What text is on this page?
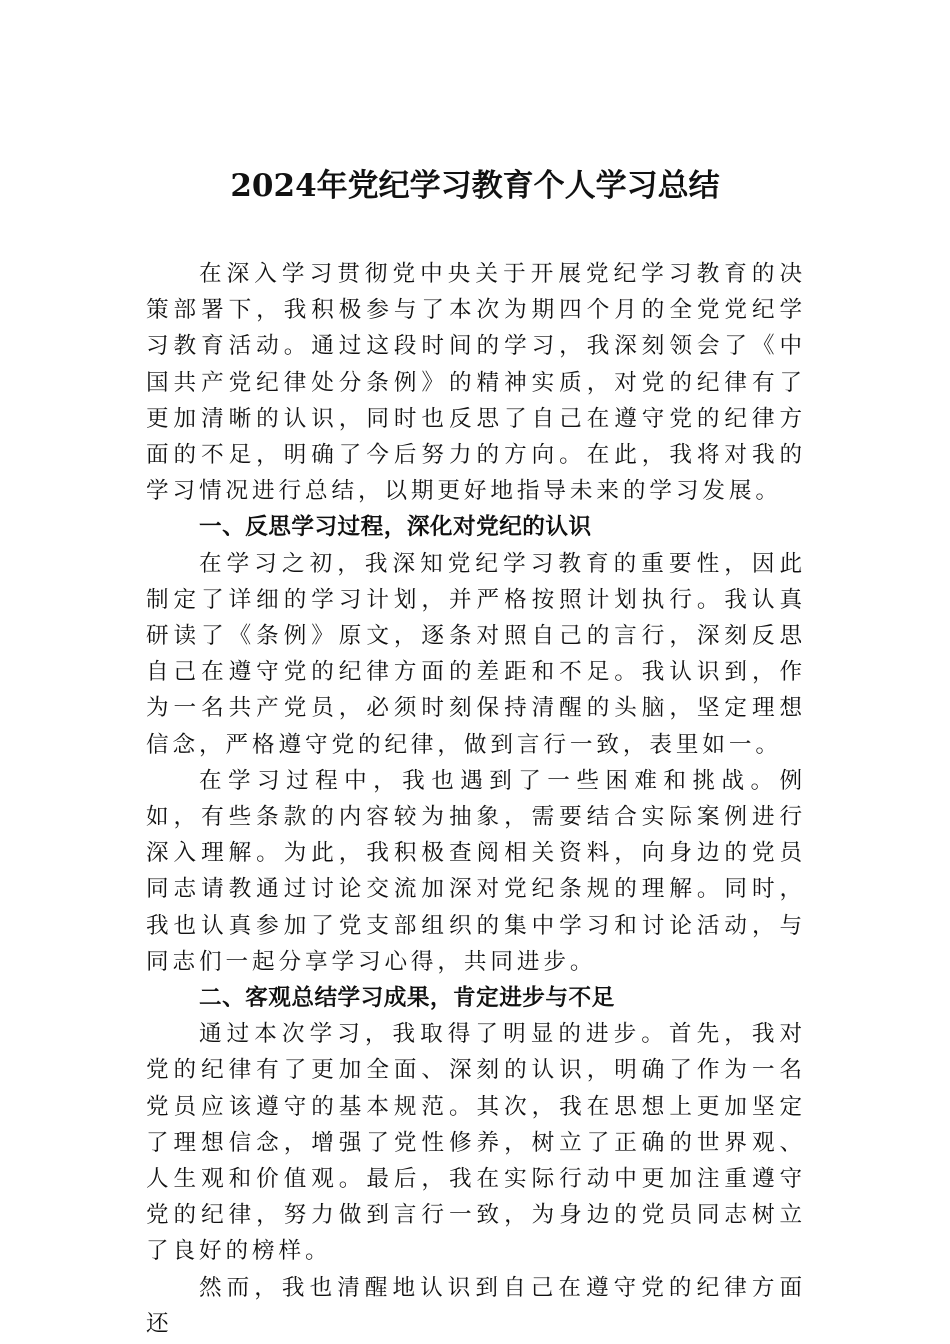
2024年党纪学习教育个人学习总结

在深入学习贯彻党中央关于开展党纪学习教育的决策部署下，我积极参与了本次为期四个月的全党党纪学习教育活动。通过这段时间的学习，我深刻领会了《中国共产党纪律处分条例》的精神实质，对党的纪律有了更加清晰的认识，同时也反思了自己在遵守党的纪律方面的不足，明确了今后努力的方向。在此，我将对我的学习情况进行总结，以期更好地指导未来的学习发展。

一、反思学习过程，深化对党纪的认识

在学习之初，我深知党纪学习教育的重要性，因此制定了详细的学习计划，并严格按照计划执行。我认真研读了《条例》原文，逐条对照自己的言行，深刻反思自己在遵守党的纪律方面的差距和不足。我认识到，作为一名共产党员，必须时刻保持清醒的头脑，坚定理想信念，严格遵守党的纪律，做到言行一致，表里如一。

在学习过程中，我也遇到了一些困难和挑战。例如，有些条款的内容较为抽象，需要结合实际案例进行深入理解。为此，我积极查阅相关资料，向身边的党员同志请教通过讨论交流加深对党纪条规的理解。同时，我也认真参加了党支部组织的集中学习和讨论活动，与同志们一起分享学习心得，共同进步。

二、客观总结学习成果，肯定进步与不足

通过本次学习，我取得了明显的进步。首先，我对党的纪律有了更加全面、深刻的认识，明确了作为一名党员应该遵守的基本规范。其次，我在思想上更加坚定了理想信念，增强了党性修养，树立了正确的世界观、人生观和价值观。最后，我在实际行动中更加注重遵守党的纪律，努力做到言行一致，为身边的党员同志树立了良好的榜样。

然而，我也清醒地认识到自己在遵守党的纪律方面还
